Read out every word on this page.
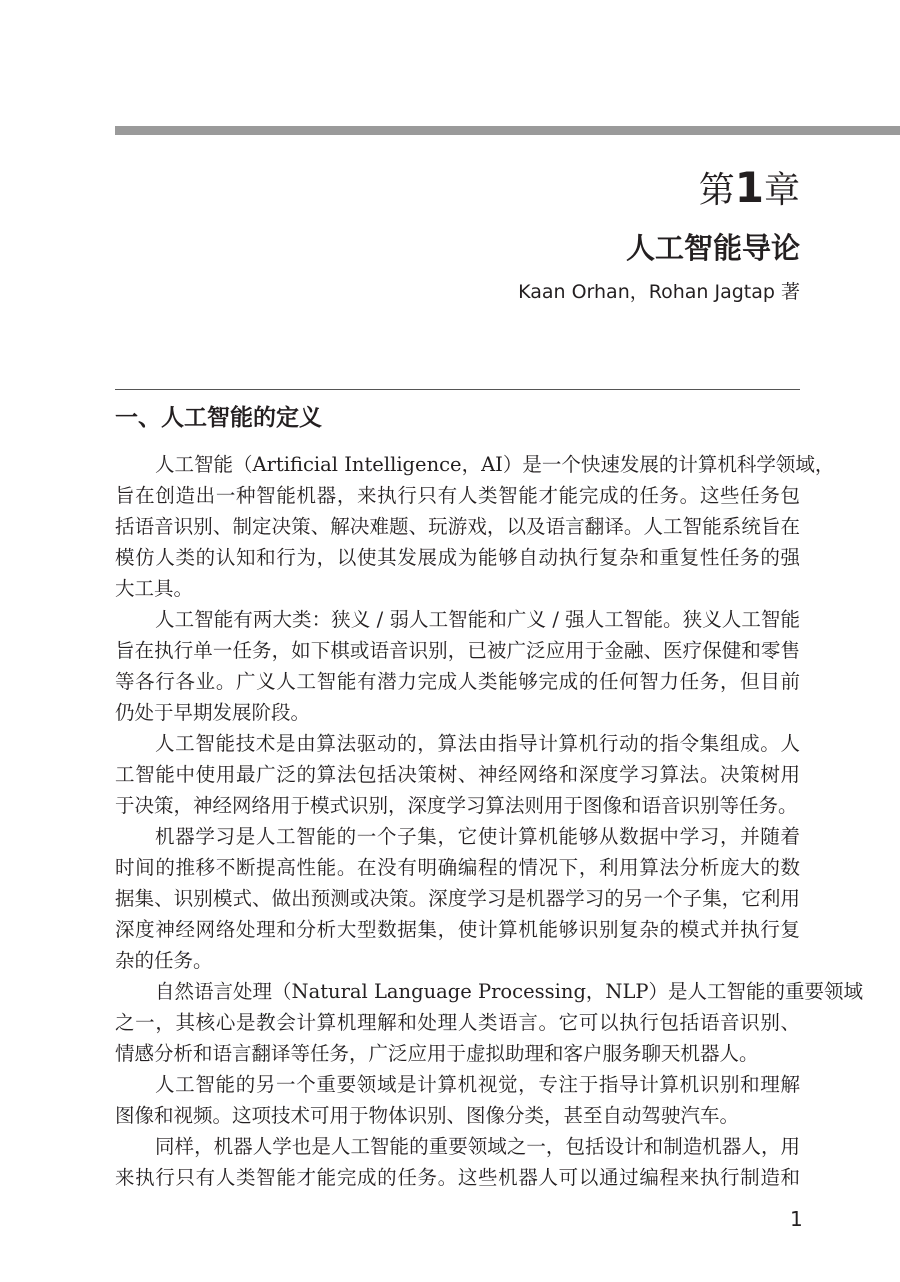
第1章
人工智能导论
Kaan Orhan，Rohan Jagtap 著
一、人工智能的定义
人工智能（Artificial Intelligence，AI）是一个快速发展的计算机科学领域，
旨在创造出一种智能机器，来执行只有人类智能才能完成的任务。这些任务包
括语音识别、制定决策、解决难题、玩游戏，以及语言翻译。人工智能系统旨在
模仿人类的认知和行为，以使其发展成为能够自动执行复杂和重复性任务的强
大工具。
人工智能有两大类：狭义 / 弱人工智能和广义 / 强人工智能。狭义人工智能
旨在执行单一任务，如下棋或语音识别，已被广泛应用于金融、医疗保健和零售
等各行各业。广义人工智能有潜力完成人类能够完成的任何智力任务，但目前
仍处于早期发展阶段。
人工智能技术是由算法驱动的，算法由指导计算机行动的指令集组成。人
工智能中使用最广泛的算法包括决策树、神经网络和深度学习算法。决策树用
于决策，神经网络用于模式识别，深度学习算法则用于图像和语音识别等任务。
机器学习是人工智能的一个子集，它使计算机能够从数据中学习，并随着
时间的推移不断提高性能。在没有明确编程的情况下，利用算法分析庞大的数
据集、识别模式、做出预测或决策。深度学习是机器学习的另一个子集，它利用
深度神经网络处理和分析大型数据集，使计算机能够识别复杂的模式并执行复
杂的任务。
自然语言处理（Natural Language Processing，NLP）是人工智能的重要领域
之一，其核心是教会计算机理解和处理人类语言。它可以执行包括语音识别、
情感分析和语言翻译等任务，广泛应用于虚拟助理和客户服务聊天机器人。
人工智能的另一个重要领域是计算机视觉，专注于指导计算机识别和理解
图像和视频。这项技术可用于物体识别、图像分类，甚至自动驾驶汽车。
同样，机器人学也是人工智能的重要领域之一，包括设计和制造机器人，用
来执行只有人类智能才能完成的任务。这些机器人可以通过编程来执行制造和
1
